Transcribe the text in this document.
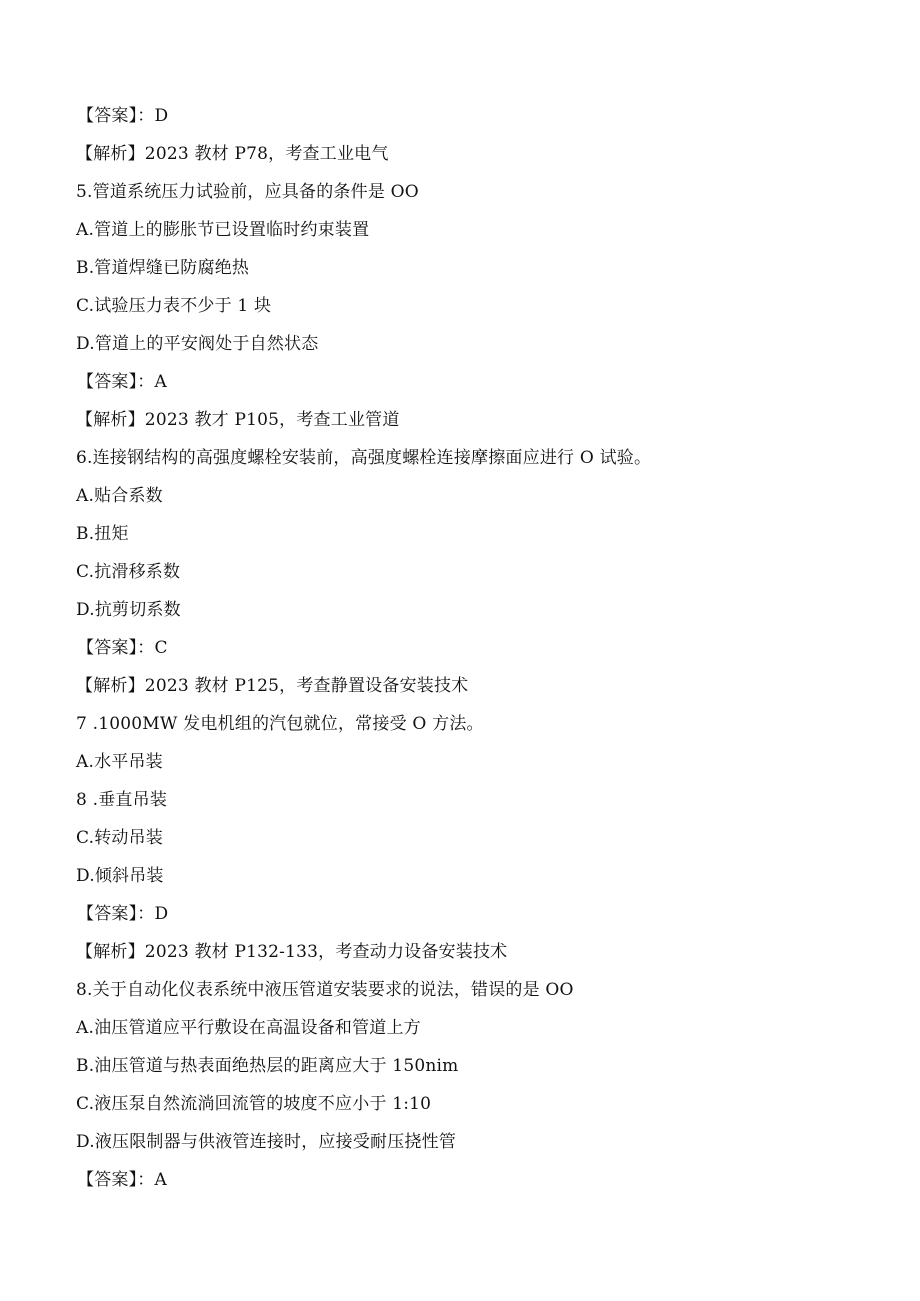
【答案】：D
【解析】2023 教材 P78，考查工业电气
5.管道系统压力试验前，应具备的条件是 OO
A.管道上的膨胀节已设置临时约束装置
B.管道焊缝已防腐绝热
C.试验压力表不少于 1 块
D.管道上的平安阀处于自然状态
【答案】：A
【解析】2023 教才 P105，考查工业管道
6.连接钢结构的高强度螺栓安装前，高强度螺栓连接摩擦面应进行 O 试验。
A.贴合系数
B.扭矩
C.抗滑移系数
D.抗剪切系数
【答案】：C
【解析】2023 教材 P125，考查静置设备安装技术
7 .1000MW 发电机组的汽包就位，常接受 O 方法。
A.水平吊装
8 .垂直吊装
C.转动吊装
D.倾斜吊装
【答案】：D
【解析】2023 教材 P132-133，考查动力设备安装技术
8.关于自动化仪表系统中液压管道安装要求的说法，错误的是 OO
A.油压管道应平行敷设在高温设备和管道上方
B.油压管道与热表面绝热层的距离应大于 150nim
C.液压泵自然流淌回流管的坡度不应小于 1:10
D.液压限制器与供液管连接时，应接受耐压挠性管
【答案】：A
